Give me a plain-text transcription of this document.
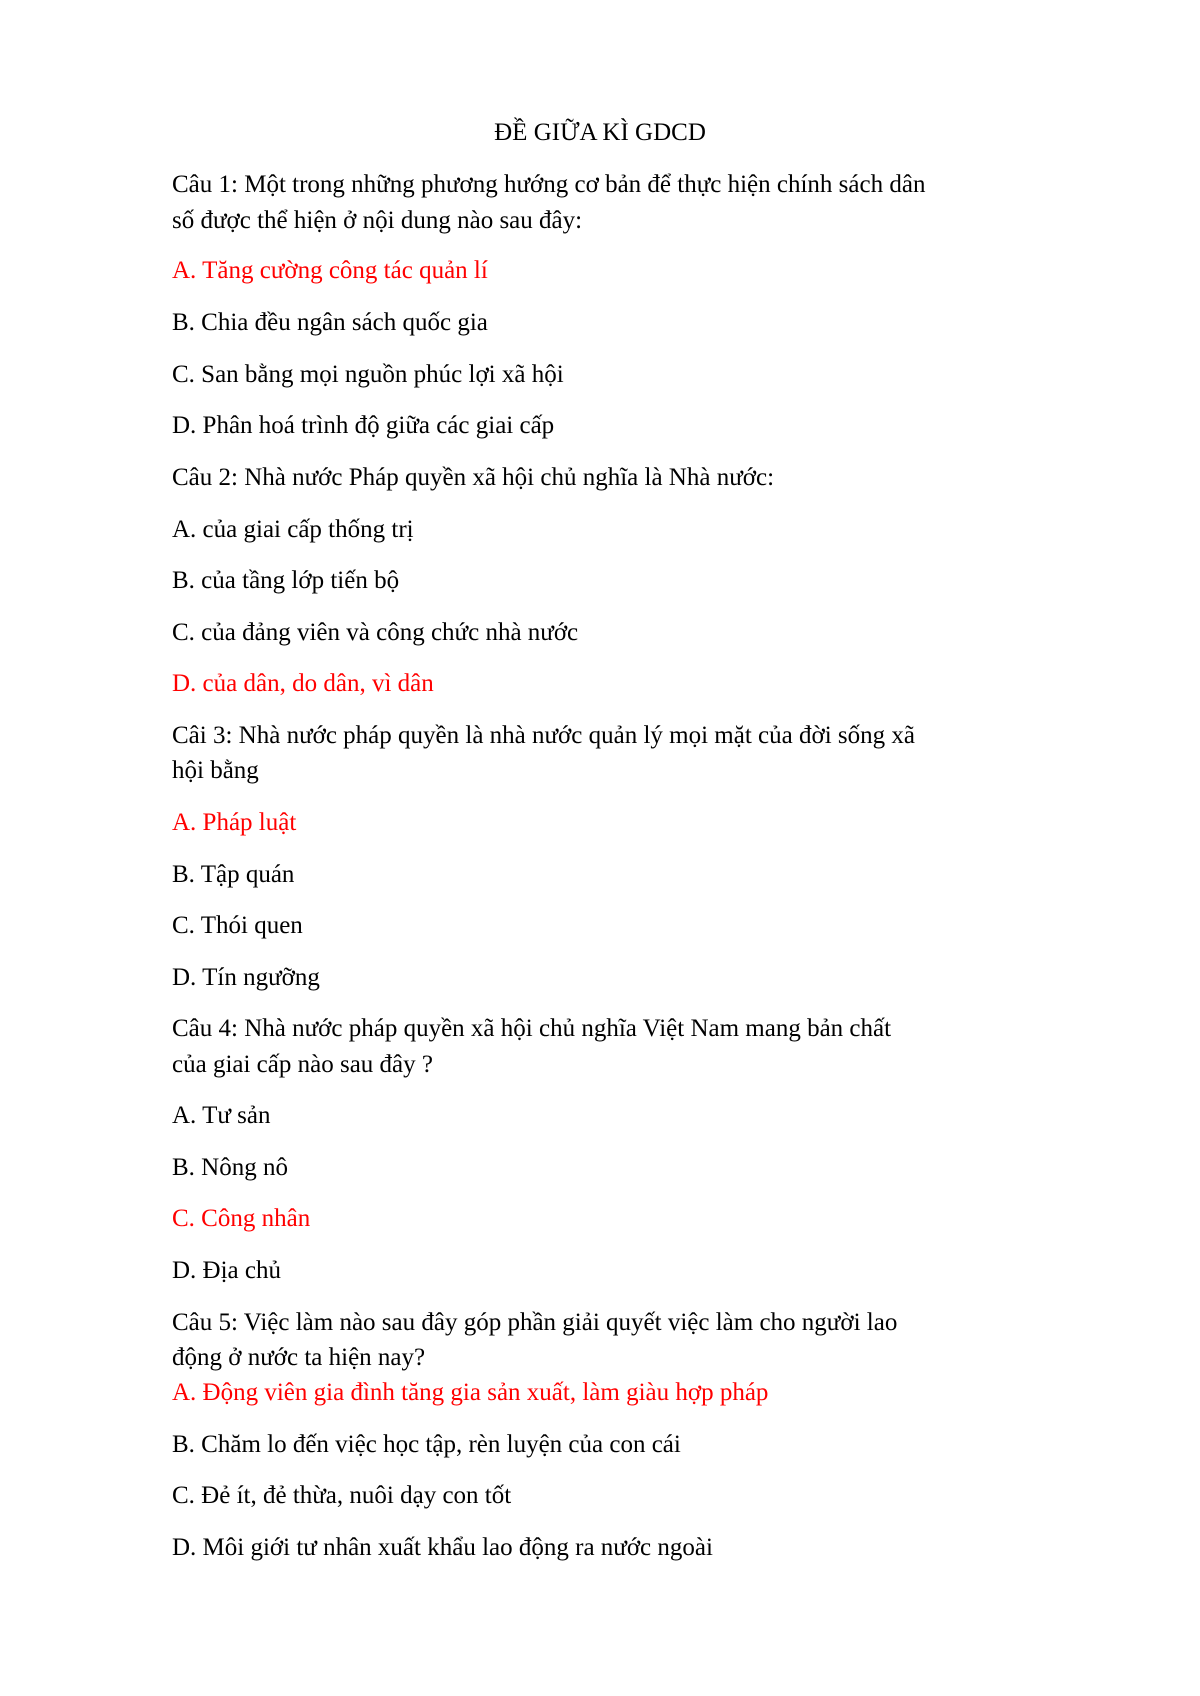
ĐỀ GIỮA KÌ GDCD
Câu 1: Một trong những phương hướng cơ bản để thực hiện chính sách dân
số được thể hiện ở nội dung nào sau đây:
A. Tăng cường công tác quản lí
B. Chia đều ngân sách quốc gia
C. San bằng mọi nguồn phúc lợi xã hội
D. Phân hoá trình độ giữa các giai cấp
Câu 2: Nhà nước Pháp quyền xã hội chủ nghĩa là Nhà nước:
A. của giai cấp thống trị
B. của tầng lớp tiến bộ
C. của đảng viên và công chức nhà nước
D. của dân, do dân, vì dân
Câi 3: Nhà nước pháp quyền là nhà nước quản lý mọi mặt của đời sống xã
hội bằng
A. Pháp luật
B. Tập quán
C. Thói quen
D. Tín ngưỡng
Câu 4: Nhà nước pháp quyền xã hội chủ nghĩa Việt Nam mang bản chất
của giai cấp nào sau đây ?
A. Tư sản
B. Nông nô
C. Công nhân
D. Địa chủ
Câu 5: Việc làm nào sau đây góp phần giải quyết việc làm cho người lao
động ở nước ta hiện nay?
A. Động viên gia đình tăng gia sản xuất, làm giàu hợp pháp
B. Chăm lo đến việc học tập, rèn luyện của con cái
C. Đẻ ít, đẻ thừa, nuôi dạy con tốt
D. Môi giới tư nhân xuất khẩu lao động ra nước ngoài
